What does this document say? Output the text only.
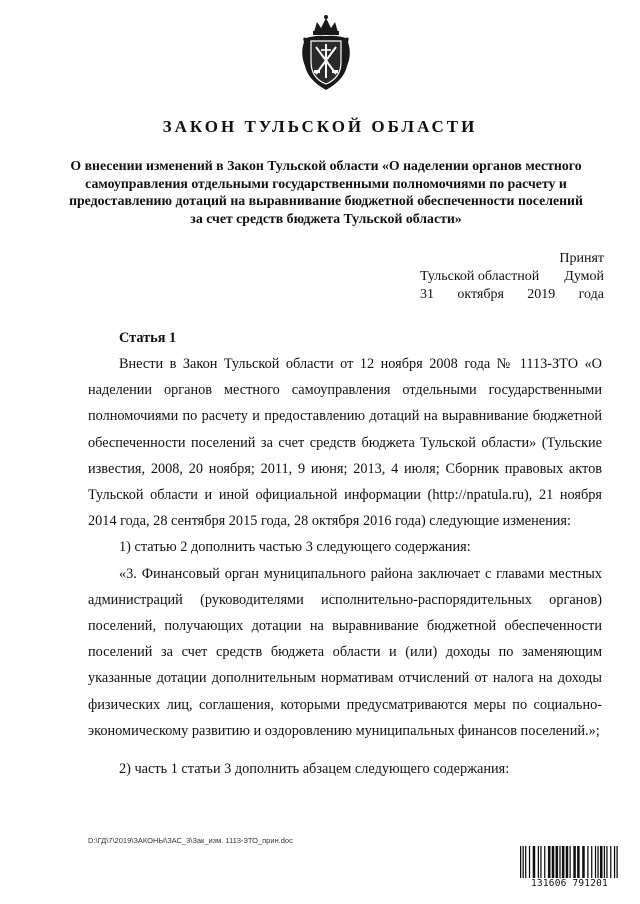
ЗАКОН ТУЛЬСКОЙ ОБЛАСТИ

О внесении изменений в Закон Тульской области «О наделении органов местного самоуправления отдельными государственными полномочиями по расчету и предоставлению дотаций на выравнивание бюджетной обеспеченности поселений за счет средств бюджета Тульской области»

Принят
Тульской областной Думой
31 октября 2019 года
Статья 1

Внести в Закон Тульской области от 12 ноября 2008 года № 1113-ЗТО «О наделении органов местного самоуправления отдельными государственными полномочиями по расчету и предоставлению дотаций на выравнивание бюджетной обеспеченности поселений за счет средств бюджета Тульской области» (Тульские известия, 2008, 20 ноября; 2011, 9 июня; 2013, 4 июля; Сборник правовых актов Тульской области и иной официальной информации (http://npatula.ru), 21 ноября 2014 года, 28 сентября 2015 года, 28 октября 2016 года) следующие изменения:

1) статью 2 дополнить частью 3 следующего содержания:

«3. Финансовый орган муниципального района заключает с главами местных администраций (руководителями исполнительно-распорядительных органов) поселений, получающих дотации на выравнивание бюджетной обеспеченности поселений за счет средств бюджета области и (или) доходы по заменяющим указанные дотации дополнительным нормативам отчислений от налога на доходы физических лиц, соглашения, которыми предусматриваются меры по социально-экономическому развитию и оздоровлению муниципальных финансов поселений.»;

2) часть 1 статьи 3 дополнить абзацем следующего содержания:

D:\ГД\7\2019\ЗАКОНЫ\ЗАС_3\Зак_изм. 1113-ЗТО_прин.doc
131606 791201
